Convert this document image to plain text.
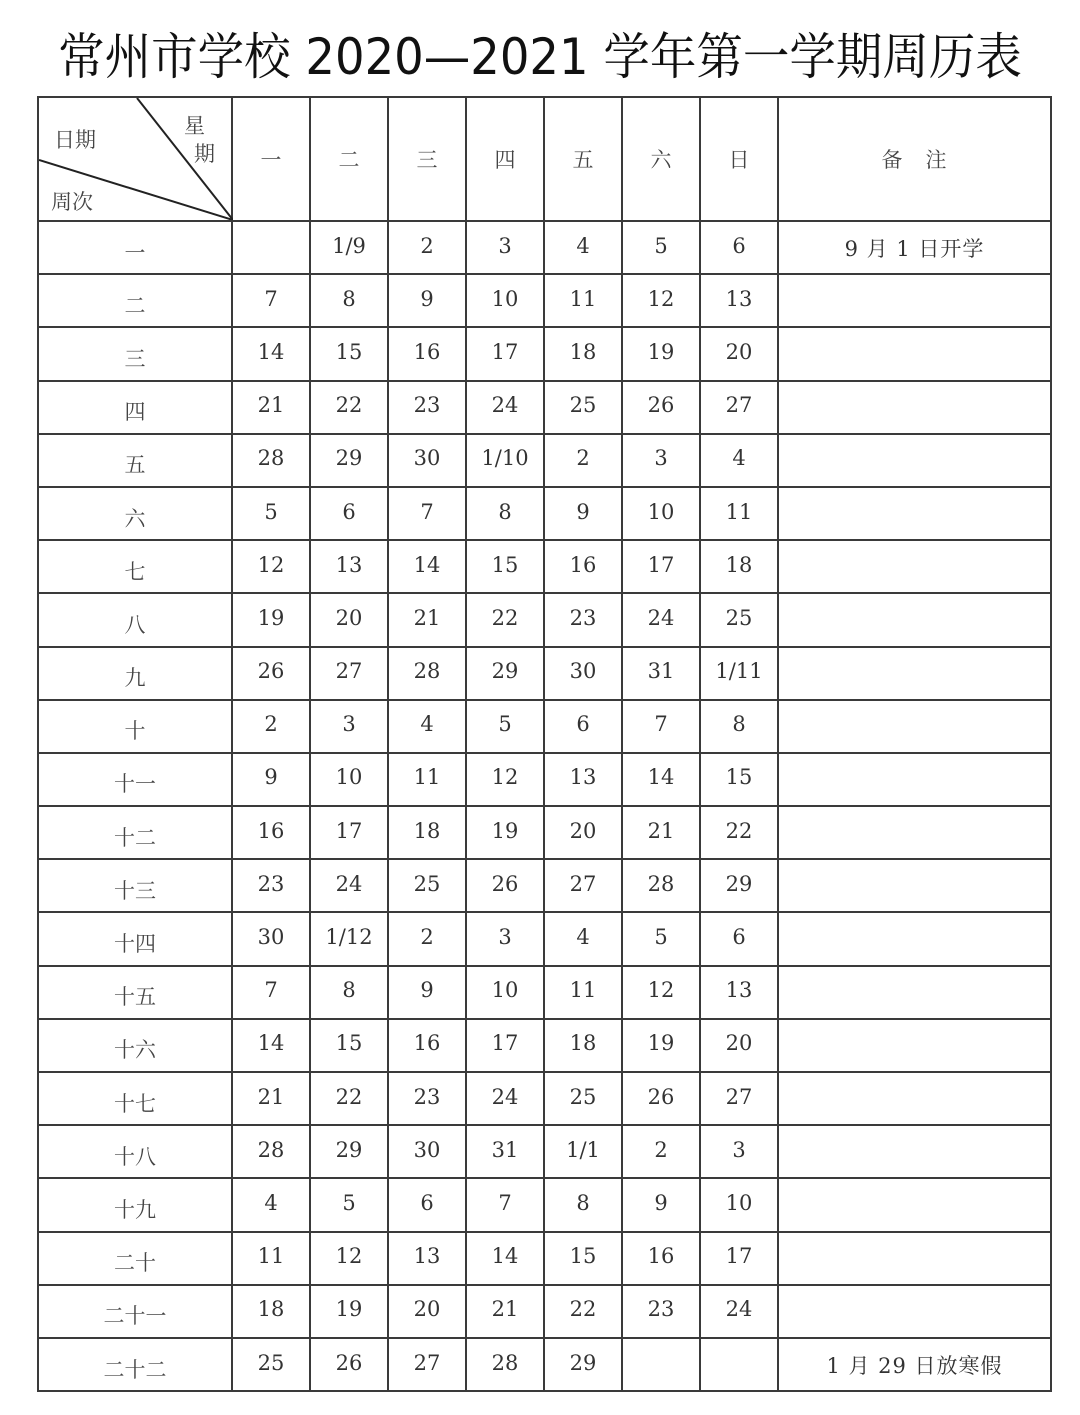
常州市学校 2020—2021 学年第一学期周历表
日期
星
期
周次	一	二	三	四	五	六	日	备　注
一		1/9	2	3	4	5	6	9 月 1 日开学
二	7	8	9	10	11	12	13	
三	14	15	16	17	18	19	20	
四	21	22	23	24	25	26	27	
五	28	29	30	1/10	2	3	4	
六	5	6	7	8	9	10	11	
七	12	13	14	15	16	17	18	
八	19	20	21	22	23	24	25	
九	26	27	28	29	30	31	1/11	
十	2	3	4	5	6	7	8	
十一	9	10	11	12	13	14	15	
十二	16	17	18	19	20	21	22	
十三	23	24	25	26	27	28	29	
十四	30	1/12	2	3	4	5	6	
十五	7	8	9	10	11	12	13	
十六	14	15	16	17	18	19	20	
十七	21	22	23	24	25	26	27	
十八	28	29	30	31	1/1	2	3	
十九	4	5	6	7	8	9	10	
二十	11	12	13	14	15	16	17	
二十一	18	19	20	21	22	23	24	
二十二	25	26	27	28	29			1 月 29 日放寒假
